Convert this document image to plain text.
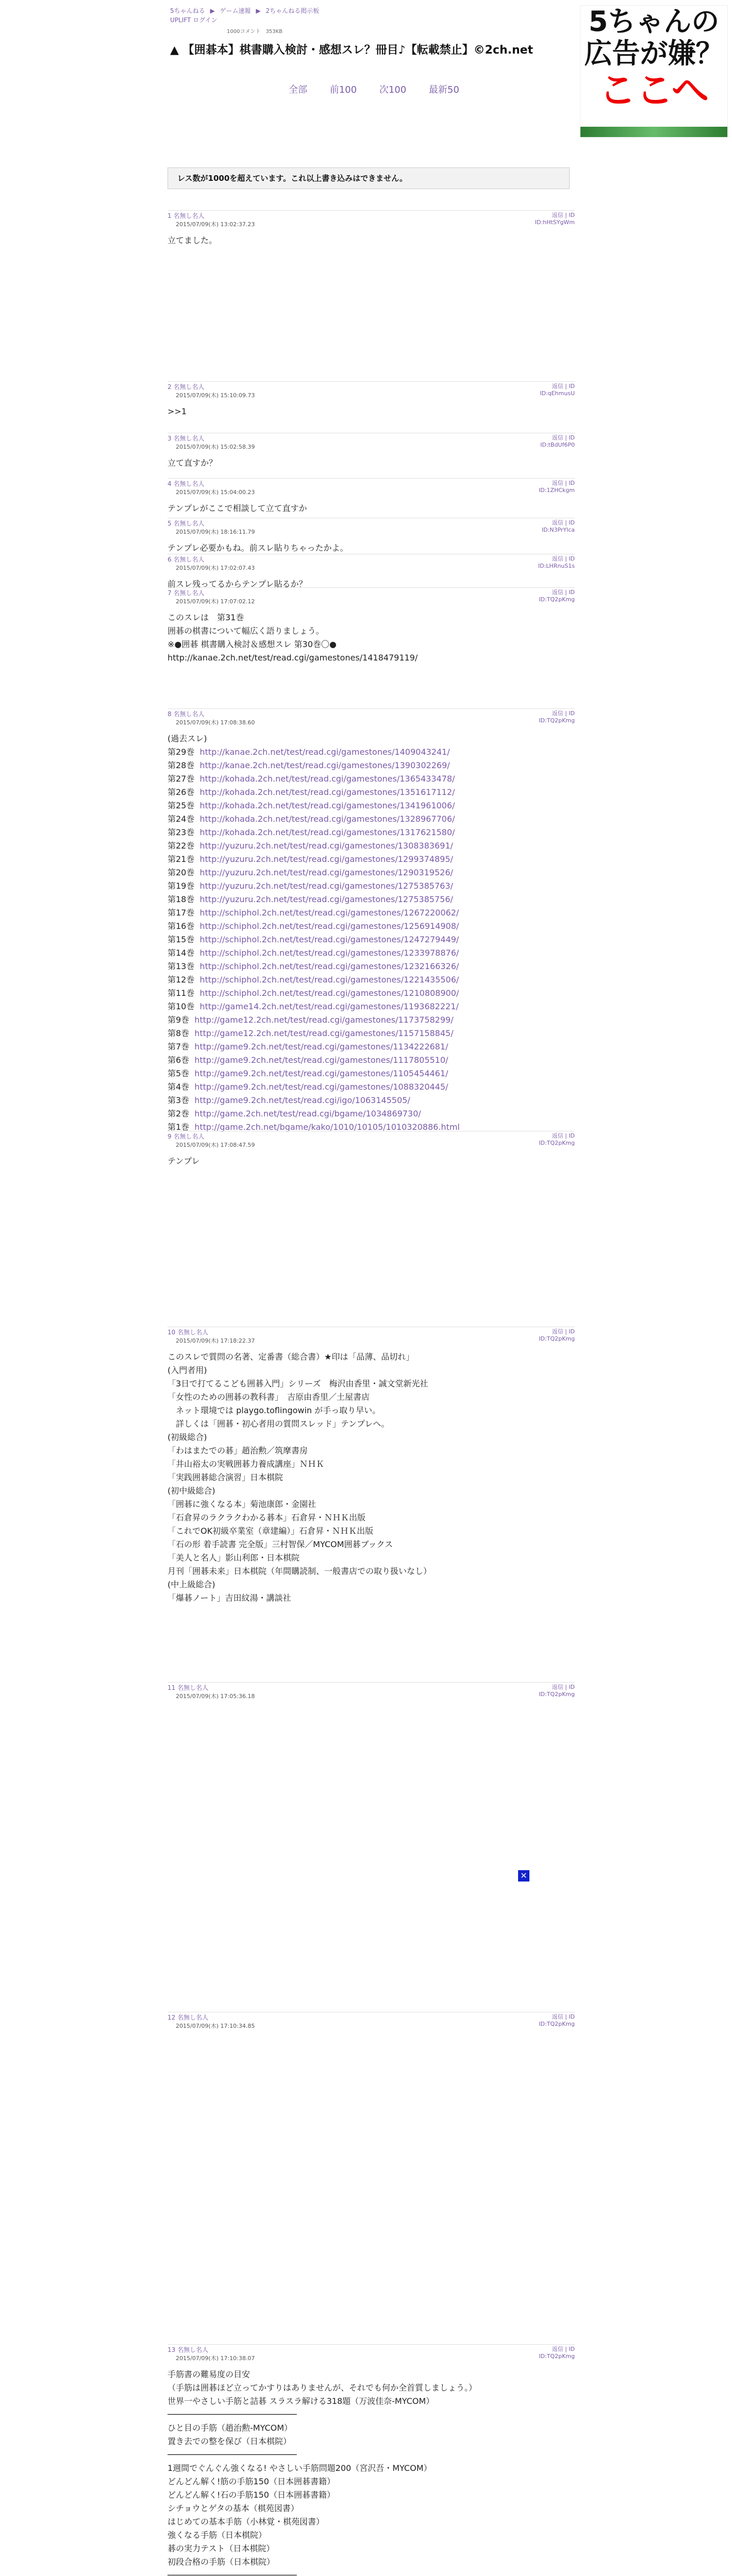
5ちゃんねる ▶ ゲーム速報 ▶ 2ちゃんねる掲示板
UPLIFT ログイン
1000コメント　353KB
▲ 【囲碁本】棋書購入検討・感想スレ？冊目♪【転載禁止】©2ch.net
5ちゃんの
広告が嫌？
ここへ
全部 前100 次100 最新50
レス数が1000を超えています。これ以上書き込みはできません。
1 名無し名人
2015/07/09(木) 13:02:37.23
返信 | ID
ID:hHtSYgWm
立てました。
2 名無し名人
2015/07/09(木) 15:10:09.73
返信 | ID
ID:qEhmusU
>>1
3 名無し名人
2015/07/09(木) 15:02:58.39
返信 | ID
ID:tBdUf6P0
立て直すか？
4 名無し名人
2015/07/09(木) 15:04:00.23
返信 | ID
ID:1ZHCkgm
テンプレがここで相談して立て直すか
5 名無し名人
2015/07/09(木) 18:16:11.79
返信 | ID
ID:N3PrYlca
テンプレ必要かもね。前スレ貼りちゃったかよ。
6 名無し名人
2015/07/09(木) 17:02:07.43
返信 | ID
ID:LHRnuS1s
前スレ残ってるからテンプレ貼るか？
7 名無し名人
2015/07/09(木) 17:07:02.12
返信 | ID
ID:TQ2pKmg
このスレは　第31巻
囲碁の棋書について幅広く語りましょう。
※●囲碁 棋書購入検討＆感想スレ 第30巻〇●
http://kanae.2ch.net/test/read.cgi/gamestones/1418479119/
8 名無し名人
2015/07/09(木) 17:08:38.60
返信 | ID
ID:TQ2pKmg
(過去スレ)
第29巻 http://kanae.2ch.net/test/read.cgi/gamestones/1409043241/
第28巻 http://kanae.2ch.net/test/read.cgi/gamestones/1390302269/
第27巻 http://kohada.2ch.net/test/read.cgi/gamestones/1365433478/
第26巻 http://kohada.2ch.net/test/read.cgi/gamestones/1351617112/
第25巻 http://kohada.2ch.net/test/read.cgi/gamestones/1341961006/
第24巻 http://kohada.2ch.net/test/read.cgi/gamestones/1328967706/
第23巻 http://kohada.2ch.net/test/read.cgi/gamestones/1317621580/
第22巻 http://yuzuru.2ch.net/test/read.cgi/gamestones/1308383691/
第21巻 http://yuzuru.2ch.net/test/read.cgi/gamestones/1299374895/
第20巻 http://yuzuru.2ch.net/test/read.cgi/gamestones/1290319526/
第19巻 http://yuzuru.2ch.net/test/read.cgi/gamestones/1275385763/
第18巻 http://yuzuru.2ch.net/test/read.cgi/gamestones/1275385756/
第17巻 http://schiphol.2ch.net/test/read.cgi/gamestones/1267220062/
第16巻 http://schiphol.2ch.net/test/read.cgi/gamestones/1256914908/
第15巻 http://schiphol.2ch.net/test/read.cgi/gamestones/1247279449/
第14巻 http://schiphol.2ch.net/test/read.cgi/gamestones/1233978876/
第13巻 http://schiphol.2ch.net/test/read.cgi/gamestones/1232166326/
第12巻 http://schiphol.2ch.net/test/read.cgi/gamestones/1221435506/
第11巻 http://schiphol.2ch.net/test/read.cgi/gamestones/1210808900/
第10巻 http://game14.2ch.net/test/read.cgi/gamestones/1193682221/
第9巻 http://game12.2ch.net/test/read.cgi/gamestones/1173758299/
第8巻 http://game12.2ch.net/test/read.cgi/gamestones/1157158845/
第7巻 http://game9.2ch.net/test/read.cgi/gamestones/1134222681/
第6巻 http://game9.2ch.net/test/read.cgi/gamestones/1117805510/
第5巻 http://game9.2ch.net/test/read.cgi/gamestones/1105454461/
第4巻 http://game9.2ch.net/test/read.cgi/gamestones/1088320445/
第3巻 http://game9.2ch.net/test/read.cgi/igo/1063145505/
第2巻 http://game.2ch.net/test/read.cgi/bgame/1034869730/
第1巻 http://game.2ch.net/bgame/kako/1010/10105/1010320886.html
9 名無し名人
2015/07/09(木) 17:08:47.59
返信 | ID
ID:TQ2pKmg
テンプレ
10 名無し名人
2015/07/09(木) 17:18:22.37
返信 | ID
ID:TQ2pKmg
このスレで質問の名著、定番書（総合書）★印は「品薄、品切れ」
(入門者用)
「3日で打てるこども囲碁入門」シリーズ　梅沢由香里・誠文堂新光社
「女性のための囲碁の教科書」　吉原由香里／土屋書店
　ネット環境では playgo.toflingowin が手っ取り早い。
　詳しくは「囲碁・初心者用の質問スレッド」テンプレへ。
(初級総合)
「わはまたでの碁」趙治勲／筑摩書房
「井山裕太の実戦囲碁力養成講座」ＮＨＫ
「実践囲碁総合演習」日本棋院
(初中級総合)
「囲碁に強くなる本」菊池康郎・金園社
「石倉昇のラクラクわかる碁本」石倉昇・ＮＨＫ出版
「これでOK初級卒業室（章建編）」石倉昇・ＮＨＫ出版
「石の形 着手読書 完全版」三村智保／MYCOM囲碁ブックス
「美人と名人」影山利郎・日本棋院
月刊「囲碁未来」日本棋院（年間購読制、一般書店での取り扱いなし）
(中上級総合)
「爆碁ノート」吉田紋湯・講談社
11 名無し名人
2015/07/09(木) 17:05:36.18
返信 | ID
ID:TQ2pKmg
12 名無し名人
2015/07/09(木) 17:10:34.85
返信 | ID
ID:TQ2pKmg
13 名無し名人
2015/07/09(木) 17:10:38.07
返信 | ID
ID:TQ2pKmg
手筋書の難易度の目安
（手筋は囲碁ほど立ってかすりはありませんが、それでも何か全首質しましょう。）
世界一やさしい手筋と詰碁 スラスラ解ける318題（万波佳奈-MYCOM）
──────────────────────────
ひと目の手筋（趙治勲-MYCOM）
置き去での整を保び（日本棋院）
──────────────────────────
1週間でぐんぐん強くなる! やさしい手筋問題200（宮沢吾・MYCOM）
どんどん解く!筋の手筋150（日本囲碁書籍）
どんどん解く!石の手筋150（日本囲碁書籍）
シチョウとゲタの基本（棋苑図書）
はじめての基本手筋（小林覚・棋苑図書）
強くなる手筋（日本棋院）
碁の実力テスト（日本棋院）
初段合格の手筋（日本棋院）
──────────────────────────

✕
